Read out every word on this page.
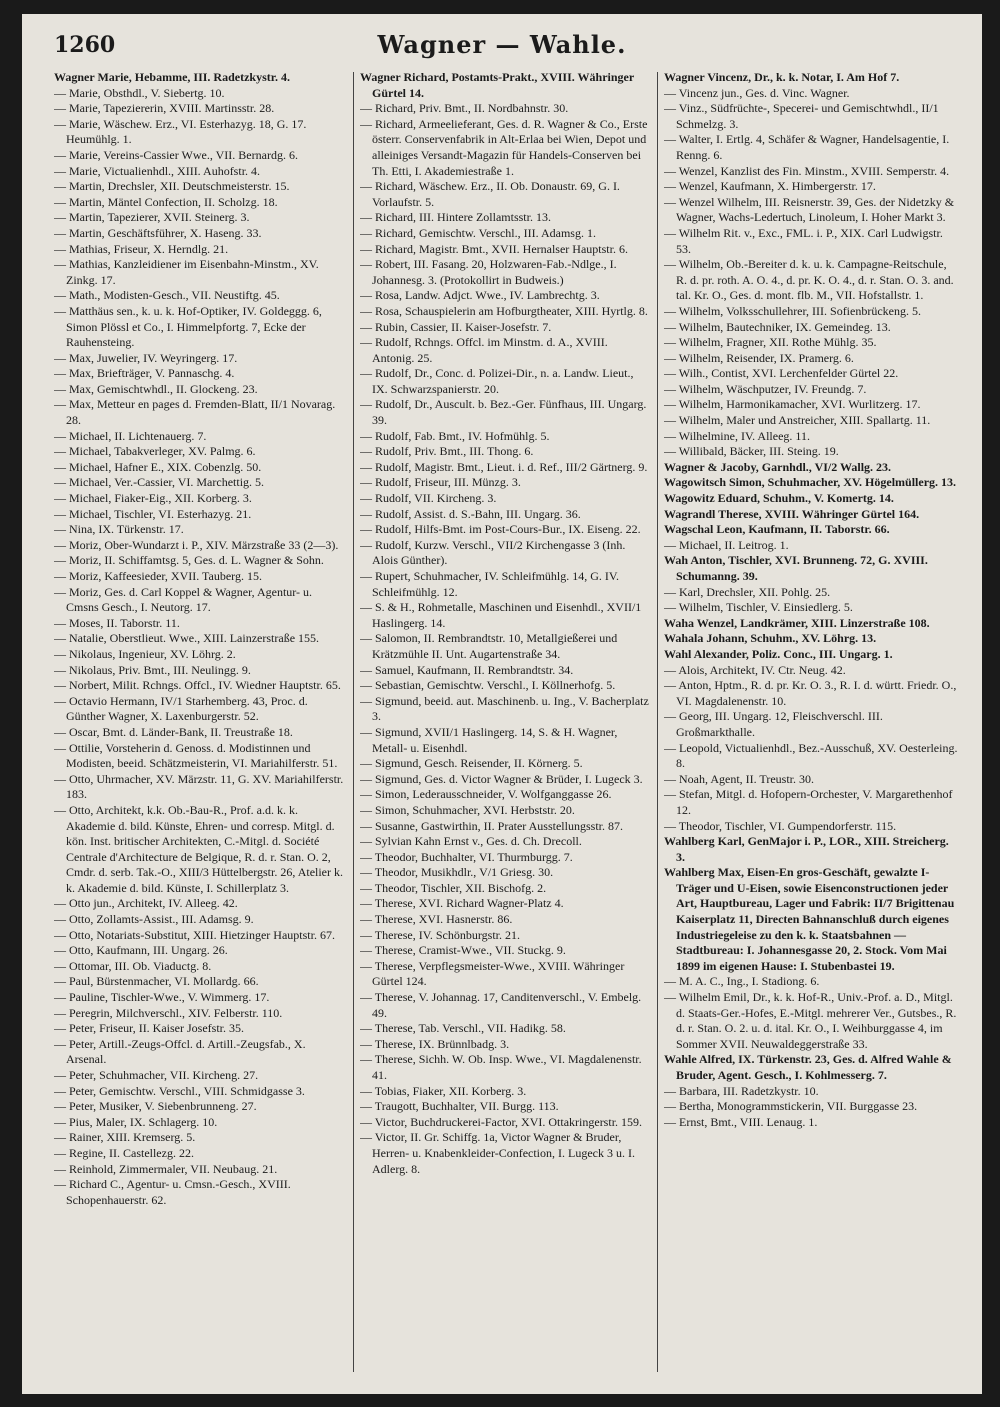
1260	Wagner — Wahle.
Wagner Marie, Hebamme, III. Radetzkystr. 4.
— Marie, Obsthdl., V. Siebertg. 10.
— Marie, Tapeziererin, XVIII. Martinsstr. 28.
— Marie, Wäschew. Erz., VI. Esterhazyg. 18, G. 17. Heumühlg. 1.
— Marie, Vereins-Cassier Wwe., VII. Bernardg. 6.
— Marie, Victualienhdl., XIII. Auhofstr. 4.
— Martin, Drechsler, XII. Deutschmeisterstr. 15.
— Martin, Mäntel Confection, II. Scholzg. 18.
— Martin, Tapezierer, XVII. Steinerg. 3.
— Martin, Geschäftsführer, X. Haseng. 33.
— Mathias, Friseur, X. Herndlg. 21.
— Mathias, Kanzleidiener im Eisenbahn-Minstm., XV. Zinkg. 17.
— Math., Modisten-Gesch., VII. Neustiftg. 45.
— Matthäus sen., k. u. k. Hof-Optiker, IV. Goldeggg. 6, Simon Plössl et Co., I. Himmelpfortg. 7, Ecke der Rauhensteing.
— Max, Juwelier, IV. Weyringerg. 17.
— Max, Briefträger, V. Pannaschg. 4.
— Max, Gemischtwhdl., II. Glockeng. 23.
— Max, Metteur en pages d. Fremden-Blatt, II/1 Novarag. 28.
— Michael, II. Lichtenauerg. 7.
— Michael, Tabakverleger, XV. Palmg. 6.
— Michael, Hafner E., XIX. Cobenzlg. 50.
— Michael, Ver.-Cassier, VI. Marchettig. 5.
— Michael, Fiaker-Eig., XII. Korberg. 3.
— Michael, Tischler, VI. Esterhazyg. 21.
— Nina, IX. Türkenstr. 17.
— Moriz, Ober-Wundarzt i. P., XIV. Märzstraße 33 (2—3).
— Moriz, II. Schiffamtsg. 5, Ges. d. L. Wagner & Sohn.
— Moriz, Kaffeesieder, XVII. Tauberg. 15.
— Moriz, Ges. d. Carl Koppel & Wagner, Agentur- u. Cmsns Gesch., I. Neutorg. 17.
— Moses, II. Taborstr. 11.
— Natalie, Oberstlieut. Wwe., XIII. Lainzerstraße 155.
— Nikolaus, Ingenieur, XV. Löhrg. 2.
— Nikolaus, Priv. Bmt., III. Neulingg. 9.
— Norbert, Milit. Rchngs. Offcl., IV. Wiedner Hauptstr. 65.
— Octavio Hermann, IV/1 Starhemberg. 43, Proc. d. Günther Wagner, X. Laxenburgerstr. 52.
— Oscar, Bmt. d. Länder-Bank, II. Treustraße 18.
— Ottilie, Vorsteherin d. Genoss. d. Modistinnen und Modisten, beeid. Schätzmeisterin, VI. Mariahilferstr. 51.
— Otto, Uhrmacher, XV. Märzstr. 11, G. XV. Mariahilferstr. 183.
— Otto, Architekt, k.k. Ob.-Bau-R., Prof. a.d. k. k. Akademie d. bild. Künste, Ehren- und corresp. Mitgl. d. kön. Inst. britischer Architekten, C.-Mitgl. d. Société Centrale d'Architecture de Belgique, R. d. r. Stan. O. 2, Cmdr. d. serb. Tak.-O., XIII/3 Hüttelbergstr. 26, Atelier k. k. Akademie d. bild. Künste, I. Schillerplatz 3.
— Otto jun., Architekt, IV. Alleeg. 42.
— Otto, Zollamts-Assist., III. Adamsg. 9.
— Otto, Notariats-Substitut, XIII. Hietzinger Hauptstr. 67.
— Otto, Kaufmann, III. Ungarg. 26.
— Ottomar, III. Ob. Viaductg. 8.
— Paul, Bürstenmacher, VI. Mollardg. 66.
— Pauline, Tischler-Wwe., V. Wimmerg. 17.
— Peregrin, Milchverschl., XIV. Felberstr. 110.
— Peter, Friseur, II. Kaiser Josefstr. 35.
— Peter, Artill.-Zeugs-Offcl. d. Artill.-Zeugsfab., X. Arsenal.
— Peter, Schuhmacher, VII. Kircheng. 27.
— Peter, Gemischtw. Verschl., VIII. Schmidgasse 3.
— Peter, Musiker, V. Siebenbrunneng. 27.
— Pius, Maler, IX. Schlagerg. 10.
— Rainer, XIII. Kremserg. 5.
— Regine, II. Castellezg. 22.
— Reinhold, Zimmermaler, VII. Neubaug. 21.
— Richard C., Agentur- u. Cmsn.-Gesch., XVIII. Schopenhauerstr. 62.
Wagner Richard, Postamts-Prakt., XVIII. Währinger Gürtel 14.
— Richard, Priv. Bmt., II. Nordbahnstr. 30.
— Richard, Armeelieferant, Ges. d. R. Wagner & Co., Erste österr. Conservenfabrik in Alt-Erlaa bei Wien, Depot und alleiniges Versandt-Magazin für Handels-Conserven bei Th. Etti, I. Akademiestraße 1.
— Richard, Wäschew. Erz., II. Ob. Donaustr. 69, G. I. Vorlaufstr. 5.
— Richard, III. Hintere Zollamtsstr. 13.
— Richard, Gemischtw. Verschl., III. Adamsg. 1.
— Richard, Magistr. Bmt., XVII. Hernalser Hauptstr. 6.
— Robert, III. Fasang. 20, Holzwaren-Fab.-Ndlge., I. Johannesg. 3. (Protokollirt in Budweis.)
— Rosa, Landw. Adjct. Wwe., IV. Lambrechtg. 3.
— Rosa, Schauspielerin am Hofburgtheater, XIII. Hyrtlg. 8.
— Rubin, Cassier, II. Kaiser-Josefstr. 7.
— Rudolf, Rchngs. Offcl. im Minstm. d. A., XVIII. Antonig. 25.
— Rudolf, Dr., Conc. d. Polizei-Dir., n. a. Landw. Lieut., IX. Schwarzspanierstr. 20.
— Rudolf, Dr., Auscult. b. Bez.-Ger. Fünfhaus, III. Ungarg. 39.
— Rudolf, Fab. Bmt., IV. Hofmühlg. 5.
— Rudolf, Priv. Bmt., III. Thong. 6.
— Rudolf, Magistr. Bmt., Lieut. i. d. Ref., III/2 Gärtnerg. 9.
— Rudolf, Friseur, III. Münzg. 3.
— Rudolf, VII. Kircheng. 3.
— Rudolf, Assist. d. S.-Bahn, III. Ungarg. 36.
— Rudolf, Hilfs-Bmt. im Post-Cours-Bur., IX. Eiseng. 22.
— Rudolf, Kurzw. Verschl., VII/2 Kirchengasse 3 (Inh. Alois Günther).
— Rupert, Schuhmacher, IV. Schleifmühlg. 14, G. IV. Schleifmühlg. 12.
— S. & H., Rohmetalle, Maschinen und Eisenhdl., XVII/1 Haslingerg. 14.
— Salomon, II. Rembrandtstr. 10, Metallgießerei und Krätzmühle II. Unt. Augartenstraße 34.
— Samuel, Kaufmann, II. Rembrandtstr. 34.
— Sebastian, Gemischtw. Verschl., I. Köllnerhofg. 5.
— Sigmund, beeid. aut. Maschinenb. u. Ing., V. Bacherplatz 3.
— Sigmund, XVII/1 Haslingerg. 14, S. & H. Wagner, Metall- u. Eisenhdl.
— Sigmund, Gesch. Reisender, II. Körnerg. 5.
— Sigmund, Ges. d. Victor Wagner & Brüder, I. Lugeck 3.
— Simon, Lederausschneider, V. Wolfganggasse 26.
— Simon, Schuhmacher, XVI. Herbststr. 20.
— Susanne, Gastwirthin, II. Prater Ausstellungsstr. 87.
— Sylvian Kahn Ernst v., Ges. d. Ch. Drecoll.
— Theodor, Buchhalter, VI. Thurmburgg. 7.
— Theodor, Musikhdlr., V/1 Griesg. 30.
— Theodor, Tischler, XII. Bischofg. 2.
— Therese, XVI. Richard Wagner-Platz 4.
— Therese, XVI. Hasnerstr. 86.
— Therese, IV. Schönburgstr. 21.
— Therese, Cramist-Wwe., VII. Stuckg. 9.
— Therese, Verpflegsmeister-Wwe., XVIII. Währinger Gürtel 124.
— Therese, V. Johannag. 17, Canditenverschl., V. Embelg. 49.
— Therese, Tab. Verschl., VII. Hadikg. 58.
— Therese, IX. Brünnlbadg. 3.
— Therese, Sichh. W. Ob. Insp. Wwe., VI. Magdalenenstr. 41.
— Tobias, Fiaker, XII. Korberg. 3.
— Traugott, Buchhalter, VII. Burgg. 113.
— Victor, Buchdruckerei-Factor, XVI. Ottakringerstr. 159.
— Victor, II. Gr. Schiffg. 1a, Victor Wagner & Bruder, Herren- u. Knabenkleider-Confection, I. Lugeck 3 u. I. Adlerg. 8.
Wagner Vincenz, Dr., k. k. Notar, I. Am Hof 7.
— Vincenz jun., Ges. d. Vinc. Wagner.
— Vinz., Südfrüchte-, Specerei- und Gemischtwhdl., II/1 Schmelzg. 3.
— Walter, I. Ertlg. 4, Schäfer & Wagner, Handelsagentie, I. Renng. 6.
— Wenzel, Kanzlist des Fin. Minstm., XVIII. Semperstr. 4.
— Wenzel, Kaufmann, X. Himbergerstr. 17.
— Wenzel Wilhelm, III. Reisnerstr. 39, Ges. der Nidetzky & Wagner, Wachs-Ledertuch, Linoleum, I. Hoher Markt 3.
— Wilhelm Rit. v., Exc., FML. i. P., XIX. Carl Ludwigstr. 53.
— Wilhelm, Ob.-Bereiter d. k. u. k. Campagne-Reitschule, R. d. pr. roth. A. O. 4., d. pr. K. O. 4., d. r. Stan. O. 3. and. tal. Kr. O., Ges. d. mont. flb. M., VII. Hofstallstr. 1.
— Wilhelm, Volksschullehrer, III. Sofienbrückeng. 5.
— Wilhelm, Bautechniker, IX. Gemeindeg. 13.
— Wilhelm, Fragner, XII. Rothe Mühlg. 35.
— Wilhelm, Reisender, IX. Pramerg. 6.
— Wilh., Contist, XVI. Lerchenfelder Gürtel 22.
— Wilhelm, Wäschputzer, IV. Freundg. 7.
— Wilhelm, Harmonikamacher, XVI. Wurlitzerg. 17.
— Wilhelm, Maler und Anstreicher, XIII. Spallartg. 11.
— Wilhelmine, IV. Alleeg. 11.
— Willibald, Bäcker, III. Steing. 19.
Wagner & Jacoby, Garnhdl., VI/2 Wallg. 23.
Wagowitsch Simon, Schuhmacher, XV. Högelmüllerg. 13.
Wagowitz Eduard, Schuhm., V. Komertg. 14.
Wagrandl Therese, XVIII. Währinger Gürtel 164.
Wagschal Leon, Kaufmann, II. Taborstr. 66.
— Michael, II. Leitrog. 1.
Wah Anton, Tischler, XVI. Brunneng. 72, G. XVIII. Schumanng. 39.
— Karl, Drechsler, XII. Pohlg. 25.
— Wilhelm, Tischler, V. Einsiedlerg. 5.
Waha Wenzel, Landkrämer, XIII. Linzerstraße 108.
Wahala Johann, Schuhm., XV. Löhrg. 13.
Wahl Alexander, Poliz. Conc., III. Ungarg. 1.
— Alois, Architekt, IV. Ctr. Neug. 42.
— Anton, Hptm., R. d. pr. Kr. O. 3., R. I. d. württ. Friedr. O., VI. Magdalenenstr. 10.
— Georg, III. Ungarg. 12, Fleischverschl. III. Großmarkthalle.
— Leopold, Victualienhdl., Bez.-Ausschuß, XV. Oesterleing. 8.
— Noah, Agent, II. Treustr. 30.
— Stefan, Mitgl. d. Hofopern-Orchester, V. Margarethenhof 12.
— Theodor, Tischler, VI. Gumpendorferstr. 115.
Wahlberg Karl, GenMajor i. P., LOR., XIII. Streicherg. 3.
Wahlberg Max, Eisen-En gros-Geschäft, gewalzte I-Träger und U-Eisen, sowie Eisenconstructionen jeder Art, Hauptbureau, Lager und Fabrik: II/7 Brigittenau Kaiserplatz 11, Directen Bahnanschluß durch eigenes Industriegeleise zu den k. k. Staatsbahnen — Stadtbureau: I. Johannesgasse 20, 2. Stock. Vom Mai 1899 im eigenen Hause: I. Stubenbastei 19.
— M. A. C., Ing., I. Stadiong. 6.
— Wilhelm Emil, Dr., k. k. Hof-R., Univ.-Prof. a. D., Mitgl. d. Staats-Ger.-Hofes, E.-Mitgl. mehrerer Ver., Gutsbes., R. d. r. Stan. O. 2. u. d. ital. Kr. O., I. Weihburggasse 4, im Sommer XVII. Neuwaldeggerstraße 33.
Wahle Alfred, IX. Türkenstr. 23, Ges. d. Alfred Wahle & Bruder, Agent. Gesch., I. Kohlmesserg. 7.
— Barbara, III. Radetzkystr. 10.
— Bertha, Monogrammstickerin, VII. Burggasse 23.
— Ernst, Bmt., VIII. Lenaug. 1.
